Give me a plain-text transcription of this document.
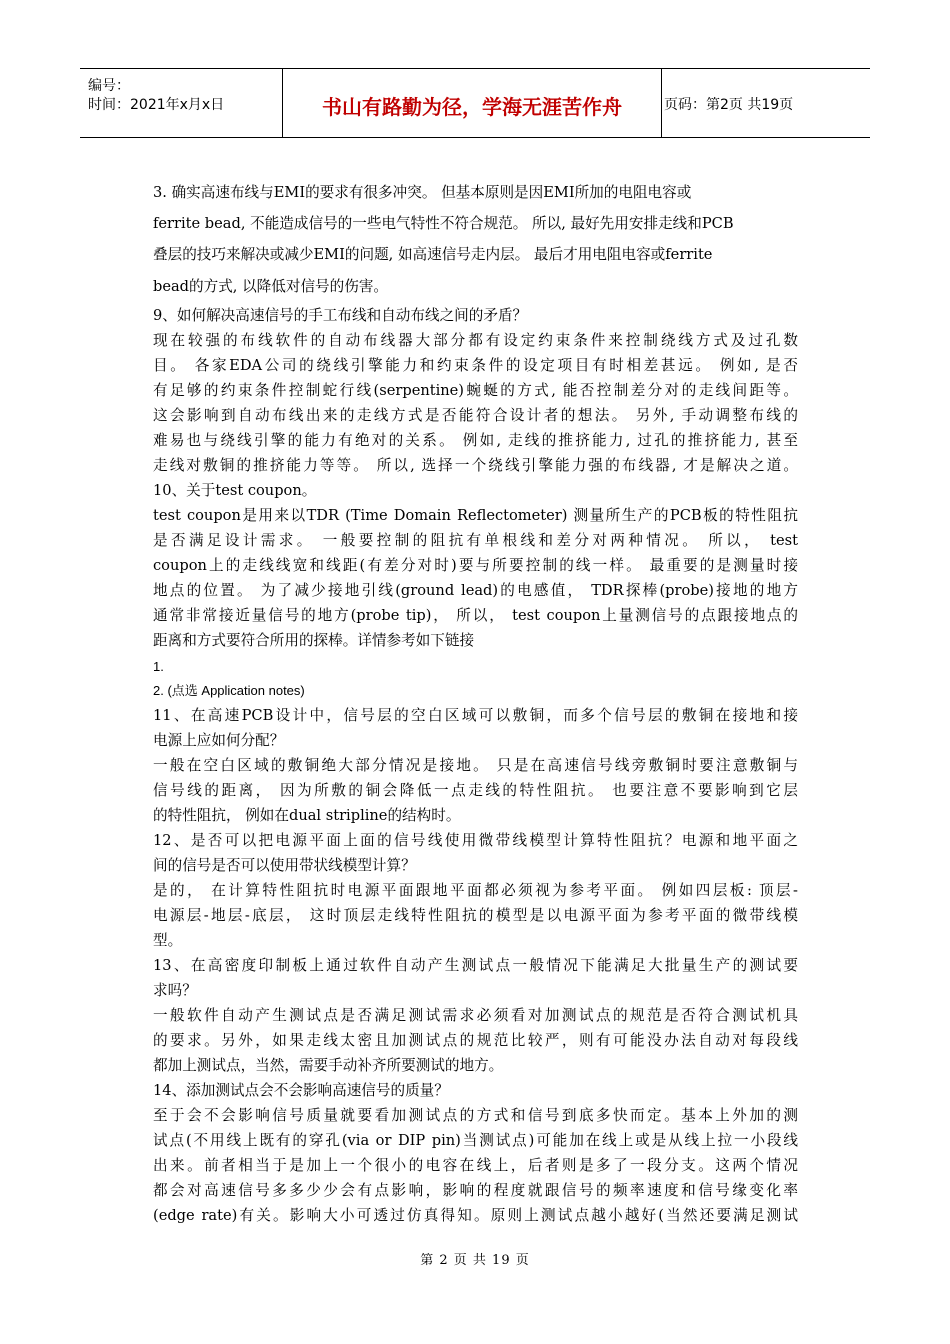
编号：
时间：2021年x月x日	书山有路勤为径，学海无涯苦作舟	页码：第2页 共19页
3. 确实高速布线与EMI的要求有很多冲突。 但基本原则是因EMI所加的电阻电容或
ferrite bead, 不能造成信号的一些电气特性不符合规范。 所以, 最好先用安排走线和PCB
叠层的技巧来解决或减少EMI的问题, 如高速信号走内层。 最后才用电阻电容或ferrite
bead的方式, 以降低对信号的伤害。
9、如何解决高速信号的手工布线和自动布线之间的矛盾？
现在较强的布线软件的自动布线器大部分都有设定约束条件来控制绕线方式及过孔数
目。 各家EDA公司的绕线引擎能力和约束条件的设定项目有时相差甚远。 例如, 是否
有足够的约束条件控制蛇行线(serpentine)蜿蜒的方式, 能否控制差分对的走线间距等。
这会影响到自动布线出来的走线方式是否能符合设计者的想法。 另外, 手动调整布线的
难易也与绕线引擎的能力有绝对的关系。 例如, 走线的推挤能力, 过孔的推挤能力, 甚至
走线对敷铜的推挤能力等等。 所以, 选择一个绕线引擎能力强的布线器, 才是解决之道。
10、关于test coupon。
test coupon是用来以TDR (Time Domain Reflectometer) 测量所生产的PCB板的特性阻抗
是否满足设计需求。 一般要控制的阻抗有单根线和差分对两种情况。 所以， test
coupon上的走线线宽和线距(有差分对时)要与所要控制的线一样。 最重要的是测量时接
地点的位置。 为了减少接地引线(ground lead)的电感值， TDR探棒(probe)接地的地方
通常非常接近量信号的地方(probe tip)， 所以， test coupon上量测信号的点跟接地点的
距离和方式要符合所用的探棒。详情参考如下链接
1.
2. (点选 Application notes)
11、在高速PCB设计中，信号层的空白区域可以敷铜，而多个信号层的敷铜在接地和接
电源上应如何分配？
一般在空白区域的敷铜绝大部分情况是接地。 只是在高速信号线旁敷铜时要注意敷铜与
信号线的距离， 因为所敷的铜会降低一点走线的特性阻抗。 也要注意不要影响到它层
的特性阻抗， 例如在dual stripline的结构时。
12、是否可以把电源平面上面的信号线使用微带线模型计算特性阻抗？电源和地平面之
间的信号是否可以使用带状线模型计算？
是的， 在计算特性阻抗时电源平面跟地平面都必须视为参考平面。 例如四层板: 顶层-
电源层-地层-底层， 这时顶层走线特性阻抗的模型是以电源平面为参考平面的微带线模
型。
13、在高密度印制板上通过软件自动产生测试点一般情况下能满足大批量生产的测试要
求吗？
一般软件自动产生测试点是否满足测试需求必须看对加测试点的规范是否符合测试机具
的要求。另外，如果走线太密且加测试点的规范比较严，则有可能没办法自动对每段线
都加上测试点，当然，需要手动补齐所要测试的地方。
14、添加测试点会不会影响高速信号的质量？
至于会不会影响信号质量就要看加测试点的方式和信号到底多快而定。基本上外加的测
试点(不用线上既有的穿孔(via or DIP pin)当测试点)可能加在线上或是从线上拉一小段线
出来。前者相当于是加上一个很小的电容在线上，后者则是多了一段分支。这两个情况
都会对高速信号多多少少会有点影响，影响的程度就跟信号的频率速度和信号缘变化率
(edge rate)有关。影响大小可透过仿真得知。原则上测试点越小越好(当然还要满足测试
第 2 页 共 19 页
